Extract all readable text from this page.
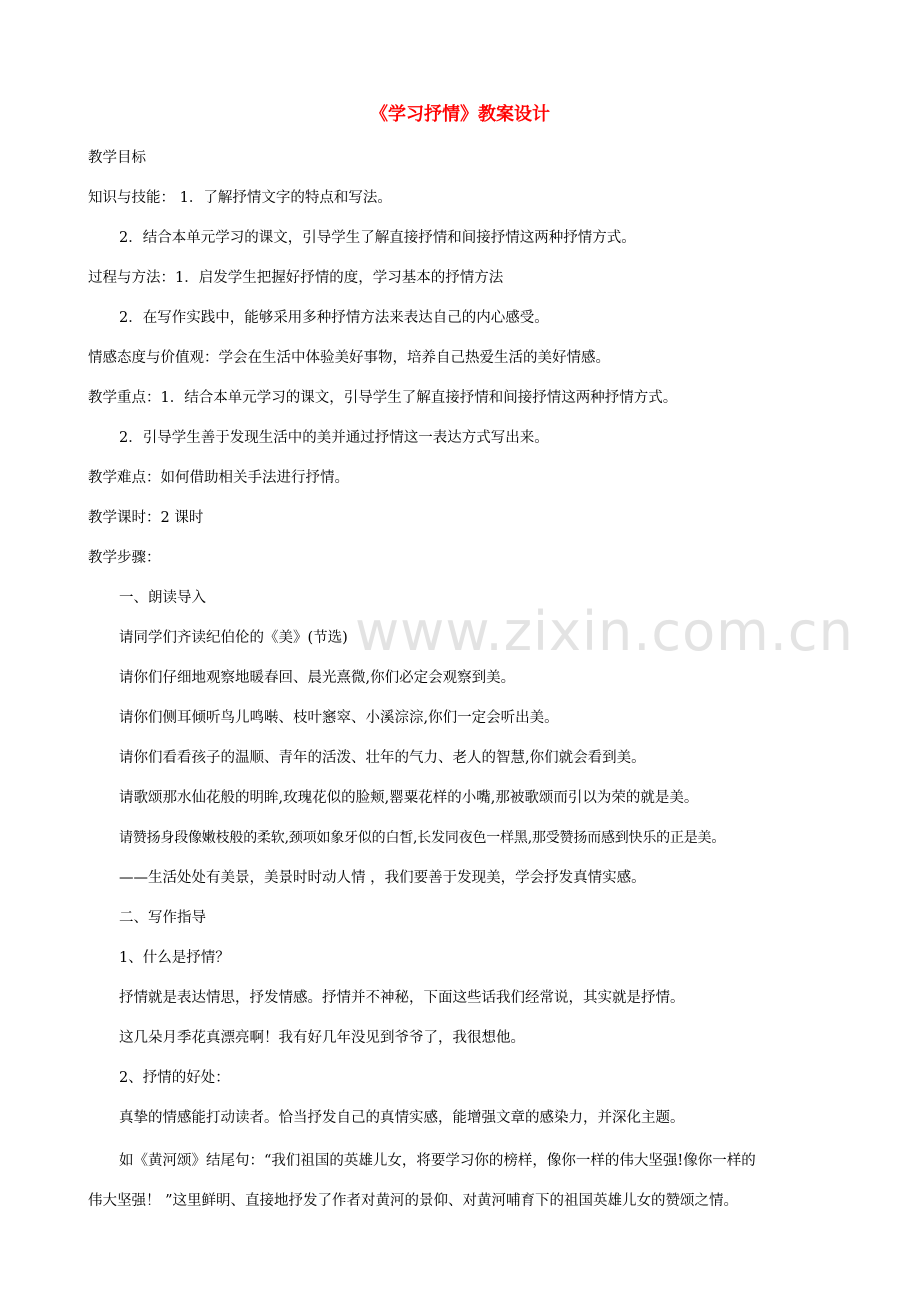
www.zixin.com.cn
《学习抒情》教案设计
教学目标
知识与技能： 1．了解抒情文字的特点和写法。
2．结合本单元学习的课文，引导学生了解直接抒情和间接抒情这两种抒情方式。
过程与方法：1．启发学生把握好抒情的度，学习基本的抒情方法
2．在写作实践中，能够采用多种抒情方法来表达自己的内心感受。
情感态度与价值观：学会在生活中体验美好事物，培养自己热爱生活的美好情感。
教学重点：1．结合本单元学习的课文，引导学生了解直接抒情和间接抒情这两种抒情方式。
2．引导学生善于发现生活中的美并通过抒情这一表达方式写出来。
教学难点：如何借助相关手法进行抒情。
教学课时：2 课时
教学步骤：
一、朗读导入
请同学们齐读纪伯伦的《美》(节选)
请你们仔细地观察地暖春回、晨光熹微,你们必定会观察到美。
请你们侧耳倾听鸟儿鸣啭、枝叶窸窣、小溪淙淙,你们一定会听出美。
请你们看看孩子的温顺、青年的活泼、壮年的气力、老人的智慧,你们就会看到美。
请歌颂那水仙花般的明眸,玫瑰花似的脸颊,罂粟花样的小嘴,那被歌颂而引以为荣的就是美。
请赞扬身段像嫩枝般的柔软,颈项如象牙似的白皙,长发同夜色一样黑,那受赞扬而感到快乐的正是美。
——生活处处有美景，美景时时动人情 ，我们要善于发现美，学会抒发真情实感。
二、写作指导
1、什么是抒情？
抒情就是表达情思，抒发情感。抒情并不神秘，下面这些话我们经常说，其实就是抒情。
这几朵月季花真漂亮啊！我有好几年没见到爷爷了，我很想他。
2、抒情的好处：
真挚的情感能打动读者。恰当抒发自己的真情实感，能增强文章的感染力，并深化主题。
如《黄河颂》结尾句：“我们祖国的英雄儿女，将要学习你的榜样，像你一样的伟大坚强!像你一样的
伟大坚强！ ”这里鲜明、直接地抒发了作者对黄河的景仰、对黄河哺育下的祖国英雄儿女的赞颂之情。
